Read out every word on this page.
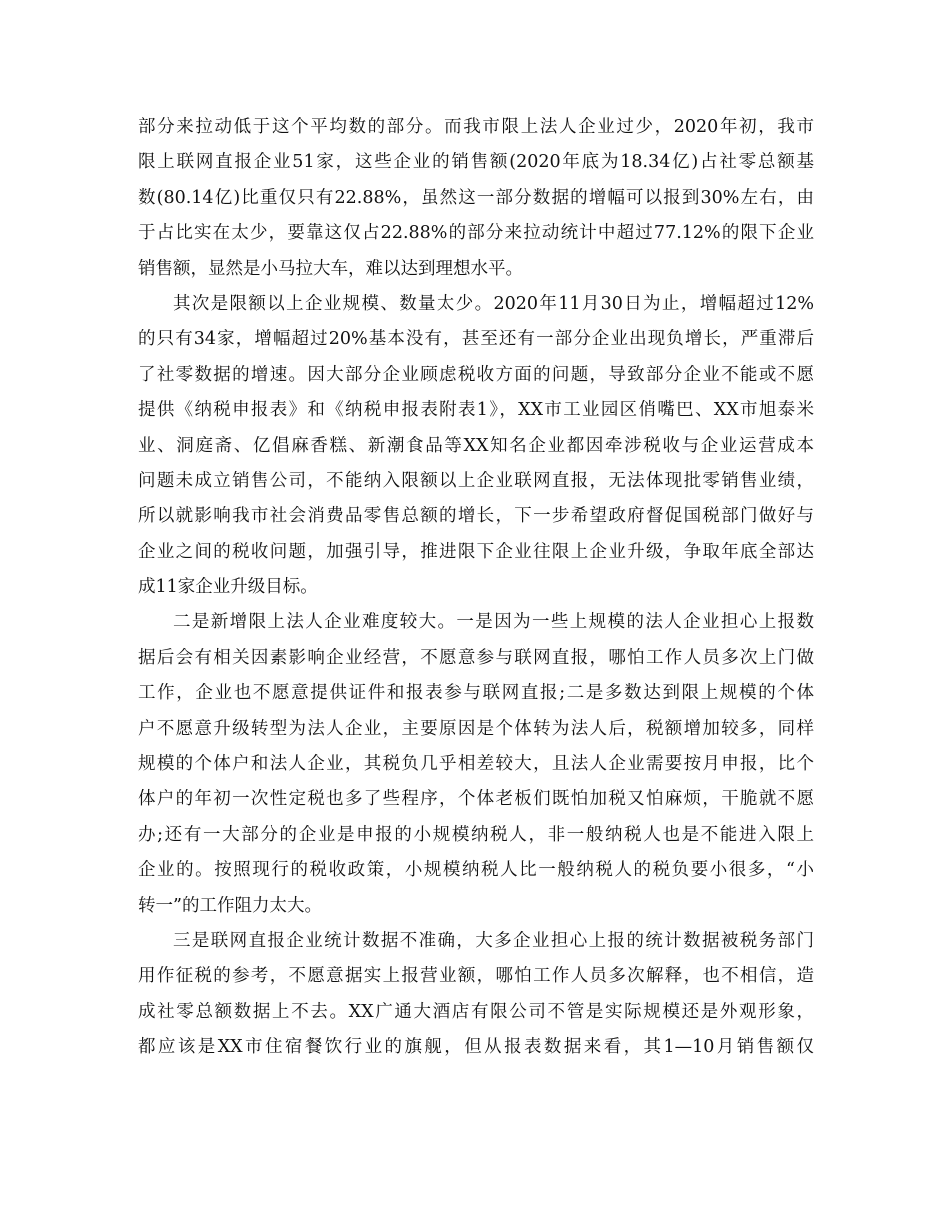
部分来拉动低于这个平均数的部分。而我市限上法人企业过少，2020年初，我市
限上联网直报企业51家，这些企业的销售额(2020年底为18.34亿)占社零总额基
数(80.14亿)比重仅只有22.88%，虽然这一部分数据的增幅可以报到30%左右，由
于占比实在太少，要靠这仅占22.88%的部分来拉动统计中超过77.12%的限下企业
销售额，显然是小马拉大车，难以达到理想水平。
其次是限额以上企业规模、数量太少。2020年11月30日为止，增幅超过12%
的只有34家，增幅超过20%基本没有，甚至还有一部分企业出现负增长，严重滞后
了社零数据的增速。因大部分企业顾虑税收方面的问题，导致部分企业不能或不愿
提供《纳税申报表》和《纳税申报表附表1》，XX市工业园区俏嘴巴、XX市旭泰米
业、洞庭斋、亿倡麻香糕、新潮食品等XX知名企业都因牵涉税收与企业运营成本
问题未成立销售公司，不能纳入限额以上企业联网直报，无法体现批零销售业绩，
所以就影响我市社会消费品零售总额的增长，下一步希望政府督促国税部门做好与
企业之间的税收问题，加强引导，推进限下企业往限上企业升级，争取年底全部达
成11家企业升级目标。
二是新增限上法人企业难度较大。一是因为一些上规模的法人企业担心上报数
据后会有相关因素影响企业经营，不愿意参与联网直报，哪怕工作人员多次上门做
工作，企业也不愿意提供证件和报表参与联网直报;二是多数达到限上规模的个体
户不愿意升级转型为法人企业，主要原因是个体转为法人后，税额增加较多，同样
规模的个体户和法人企业，其税负几乎相差较大，且法人企业需要按月申报，比个
体户的年初一次性定税也多了些程序，个体老板们既怕加税又怕麻烦，干脆就不愿
办;还有一大部分的企业是申报的小规模纳税人，非一般纳税人也是不能进入限上
企业的。按照现行的税收政策，小规模纳税人比一般纳税人的税负要小很多，“小
转一”的工作阻力太大。
三是联网直报企业统计数据不准确，大多企业担心上报的统计数据被税务部门
用作征税的参考，不愿意据实上报营业额，哪怕工作人员多次解释，也不相信，造
成社零总额数据上不去。XX广通大酒店有限公司不管是实际规模还是外观形象，
都应该是XX市住宿餐饮行业的旗舰，但从报表数据来看，其1—10月销售额仅
